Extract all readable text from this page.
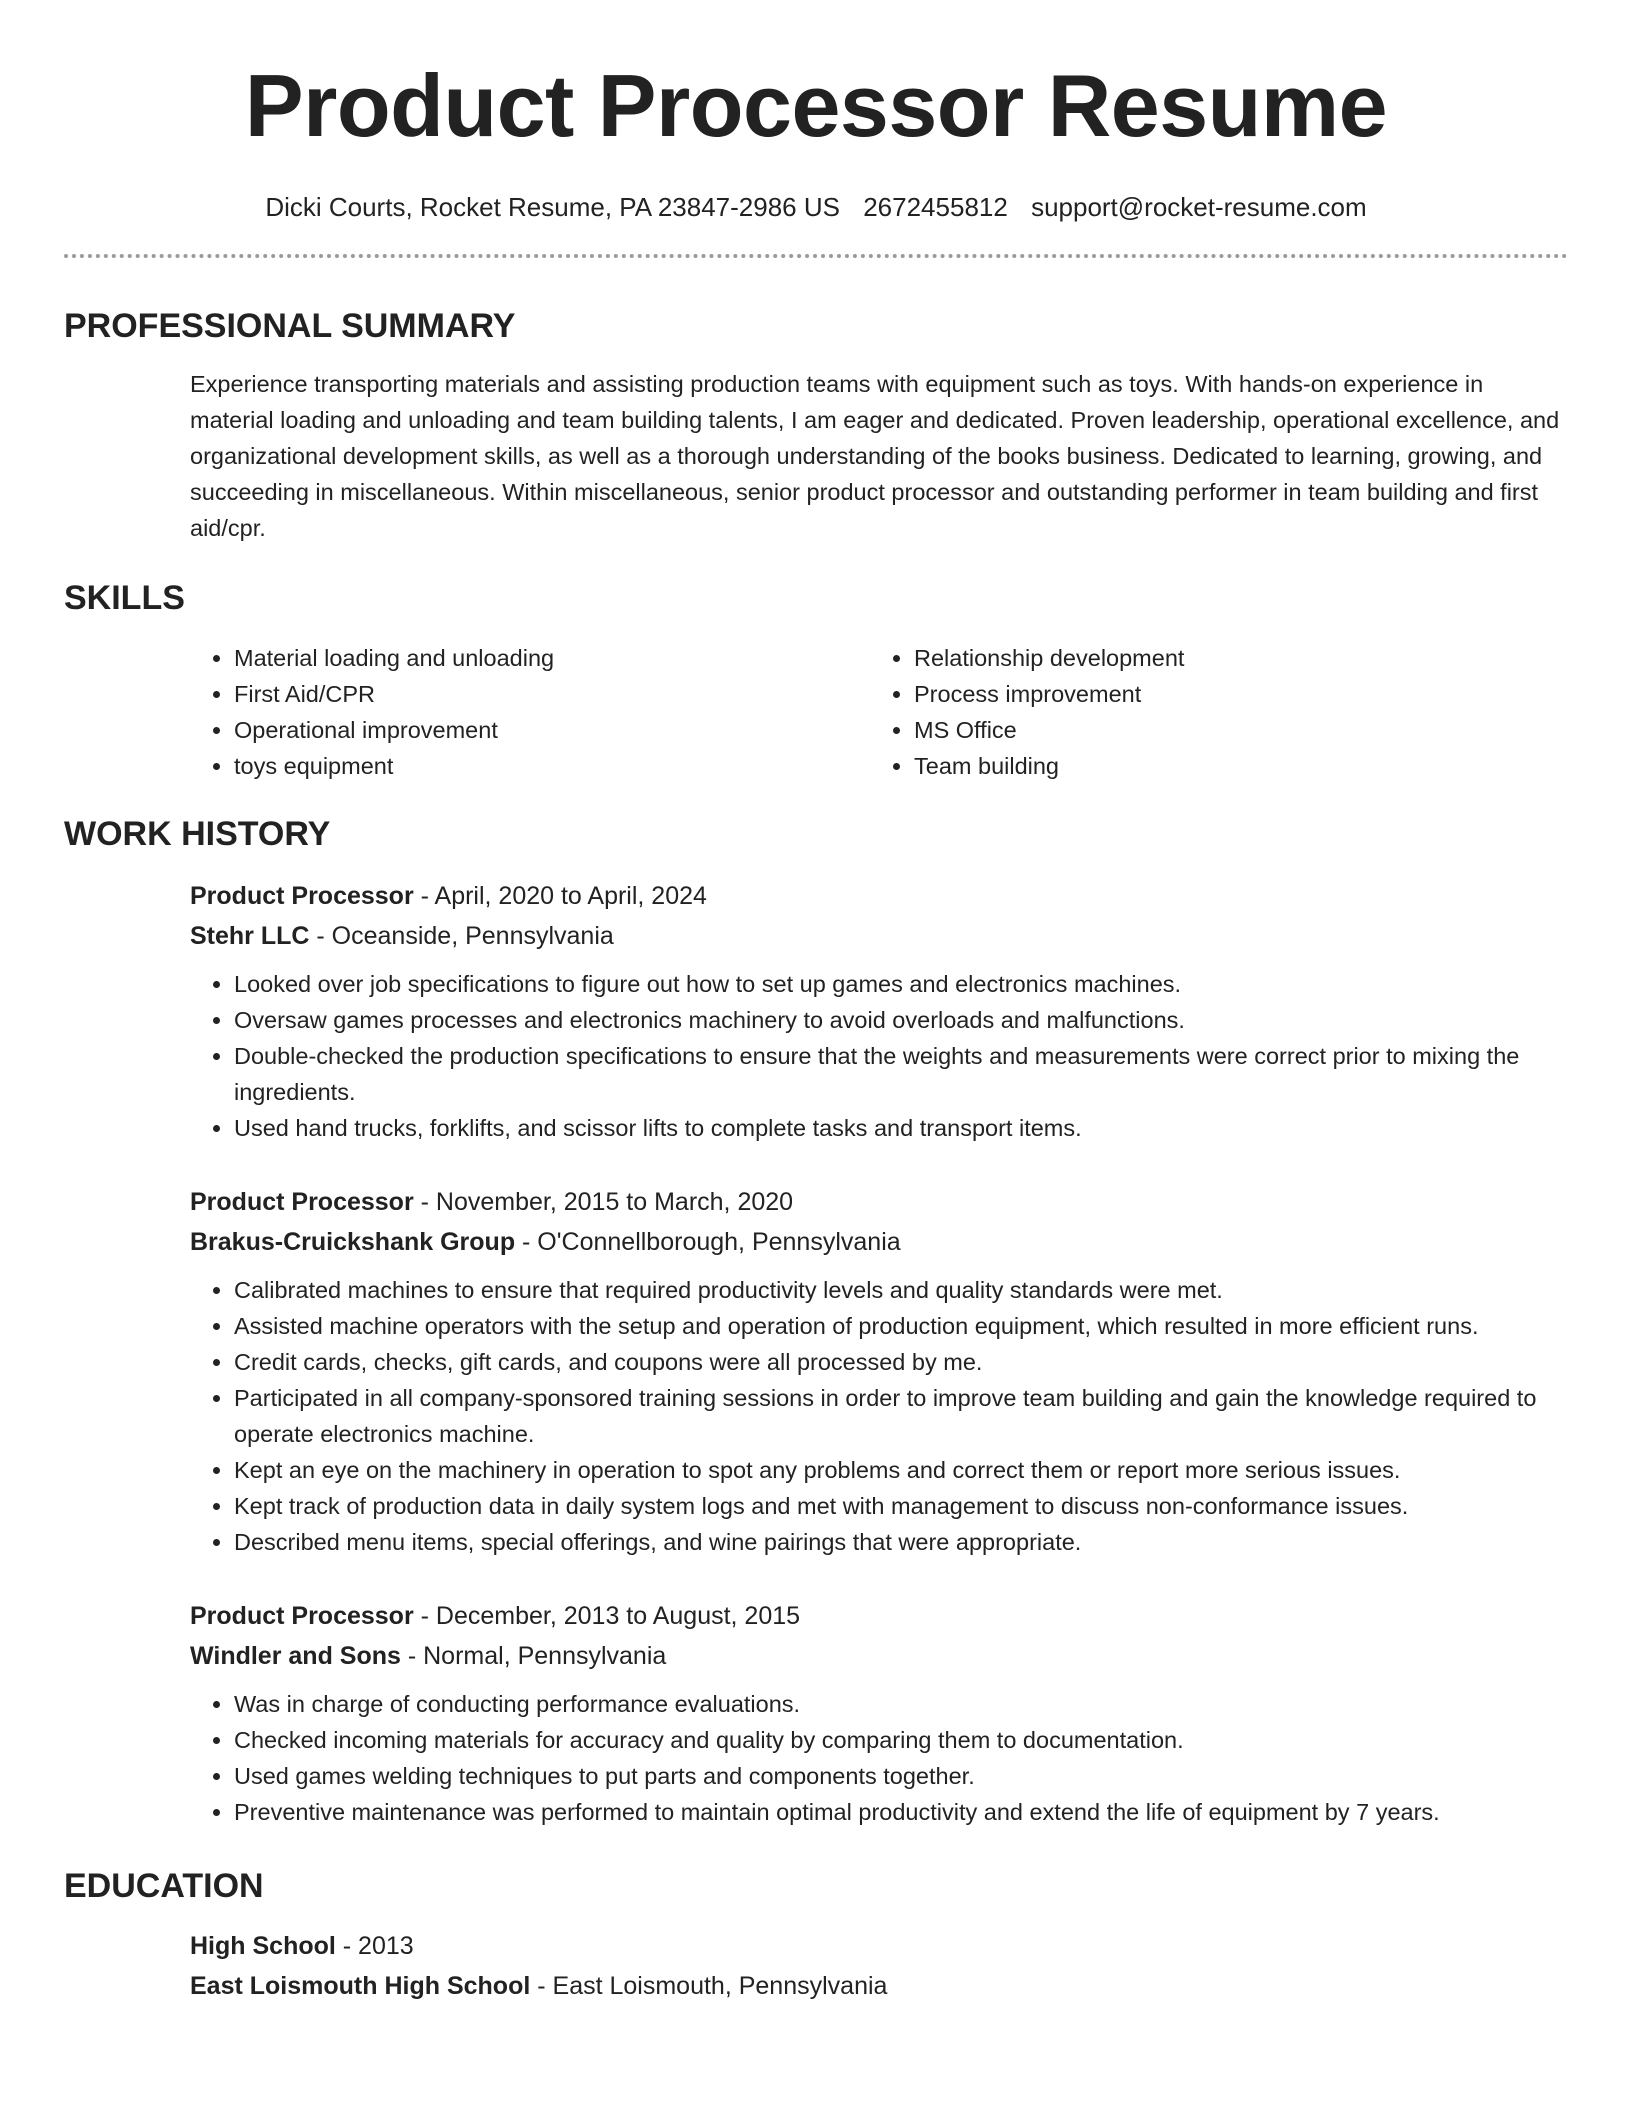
Product Processor Resume
Dicki Courts, Rocket Resume, PA 23847-2986 US 2672455812 support@rocket-resume.com
PROFESSIONAL SUMMARY

Experience transporting materials and assisting production teams with equipment such as toys. With hands-on experience in material loading and unloading and team building talents, I am eager and dedicated. Proven leadership, operational excellence, and organizational development skills, as well as a thorough understanding of the books business. Dedicated to learning, growing, and succeeding in miscellaneous. Within miscellaneous, senior product processor and outstanding performer in team building and first aid/cpr.

SKILLS
• Material loading and unloading
• First Aid/CPR
• Operational improvement
• toys equipment
• Relationship development
• Process improvement
• MS Office
• Team building
WORK HISTORY
Product Processor - April, 2020 to April, 2024
Stehr LLC - Oceanside, Pennsylvania
• Looked over job specifications to figure out how to set up games and electronics machines.
• Oversaw games processes and electronics machinery to avoid overloads and malfunctions.
• Double-checked the production specifications to ensure that the weights and measurements were correct prior to mixing the ingredients.
• Used hand trucks, forklifts, and scissor lifts to complete tasks and transport items.
Product Processor - November, 2015 to March, 2020
Brakus-Cruickshank Group - O'Connellborough, Pennsylvania
• Calibrated machines to ensure that required productivity levels and quality standards were met.
• Assisted machine operators with the setup and operation of production equipment, which resulted in more efficient runs.
• Credit cards, checks, gift cards, and coupons were all processed by me.
• Participated in all company-sponsored training sessions in order to improve team building and gain the knowledge required to operate electronics machine.
• Kept an eye on the machinery in operation to spot any problems and correct them or report more serious issues.
• Kept track of production data in daily system logs and met with management to discuss non-conformance issues.
• Described menu items, special offerings, and wine pairings that were appropriate.
Product Processor - December, 2013 to August, 2015
Windler and Sons - Normal, Pennsylvania
• Was in charge of conducting performance evaluations.
• Checked incoming materials for accuracy and quality by comparing them to documentation.
• Used games welding techniques to put parts and components together.
• Preventive maintenance was performed to maintain optimal productivity and extend the life of equipment by 7 years.
EDUCATION
High School - 2013
East Loismouth High School - East Loismouth, Pennsylvania
